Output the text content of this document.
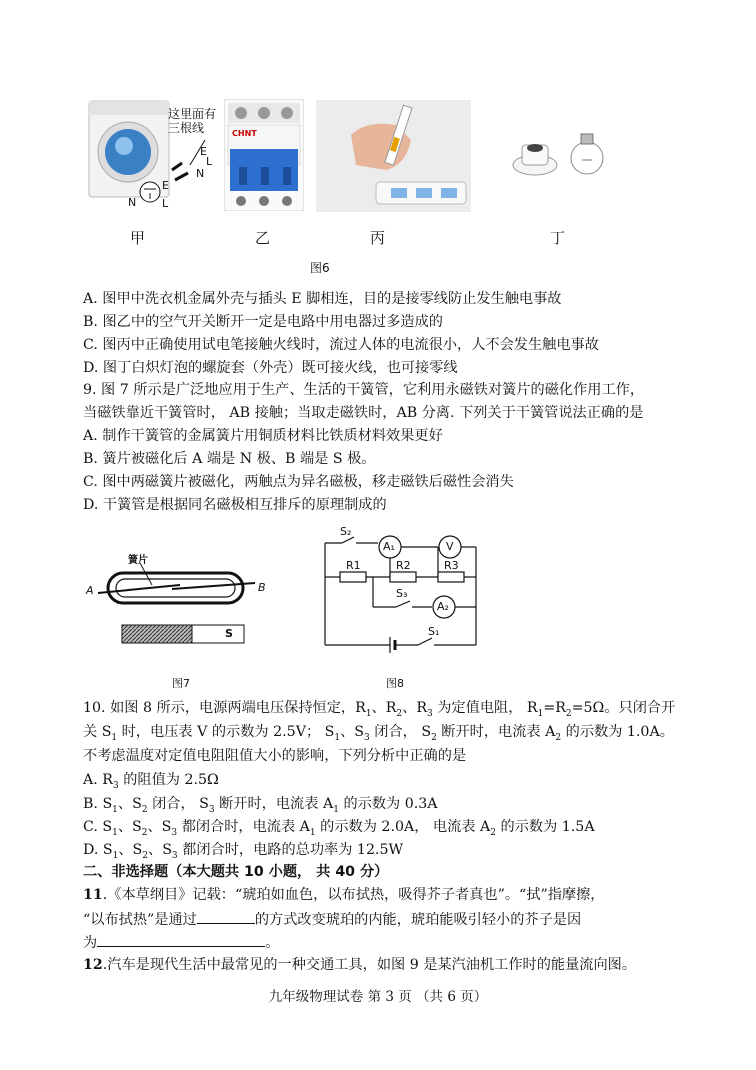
这里面有
三根线
E
L
N
E
N L
CHNT
甲	乙	丙	丁
图6
A. 图甲中洗衣机金属外壳与插头 E 脚相连，目的是接零线防止发生触电事故
B. 图乙中的空气开关断开一定是电路中用电器过多造成的
C. 图丙中正确使用试电笔接触火线时，流过人体的电流很小，人不会发生触电事故
D. 图丁白炽灯泡的螺旋套（外壳）既可接火线，也可接零线
9. 图 7 所示是广泛地应用于生产、生活的干簧管，它利用永磁铁对簧片的磁化作用工作，
当磁铁靠近干簧管时， AB 接触；当取走磁铁时，AB 分离. 下列关于干簧管说法正确的是
A. 制作干簧管的金属簧片用铜质材料比铁质材料效果更好
B. 簧片被磁化后 A 端是 N 极、B 端是 S 极。
C. 图中两磁簧片被磁化，两触点为异名磁极，移走磁铁后磁性会消失
D. 干簧管是根据同名磁极相互排斥的原理制成的
簧片
A	B
S
图7
S₂
A₁	V
R1	R2	R3
S₃
A₂
S₁
图8
10. 如图 8 所示，电源两端电压保持恒定，$R_1$、$R_2$、$R_3$ 为定值电阻， $R_1=R_2=5\Omega$。只闭合开
关 $S_1$ 时，电压表 V 的示数为 2.5V； $S_1$、$S_3$ 闭合， $S_2$ 断开时，电流表 $A_2$ 的示数为 1.0A。
不考虑温度对定值电阻阻值大小的影响，下列分析中正确的是
A. $R_3$ 的阻值为 2.5Ω
B. $S_1$、$S_2$ 闭合， $S_3$ 断开时，电流表 $A_1$ 的示数为 0.3A
C. $S_1$、$S_2$、$S_3$ 都闭合时，电流表 $A_1$ 的示数为 2.0A， 电流表 $A_2$ 的示数为 1.5A
D. $S_1$、$S_2$、$S_3$ 都闭合时，电路的总功率为 12.5W
二、非选择题（本大题共 10 小题， 共 40 分）
11.《本草纲目》记载：“琥珀如血色，以布拭热，吸得芥子者真也”。“拭”指摩擦，
“以布拭热”是通过	的方式改变琥珀的内能，琥珀能吸引轻小的芥子是因
为	。
12.汽车是现代生活中最常见的一种交通工具，如图 9 是某汽油机工作时的能量流向图。
九年级物理试卷 第 3 页 （共 6 页）
